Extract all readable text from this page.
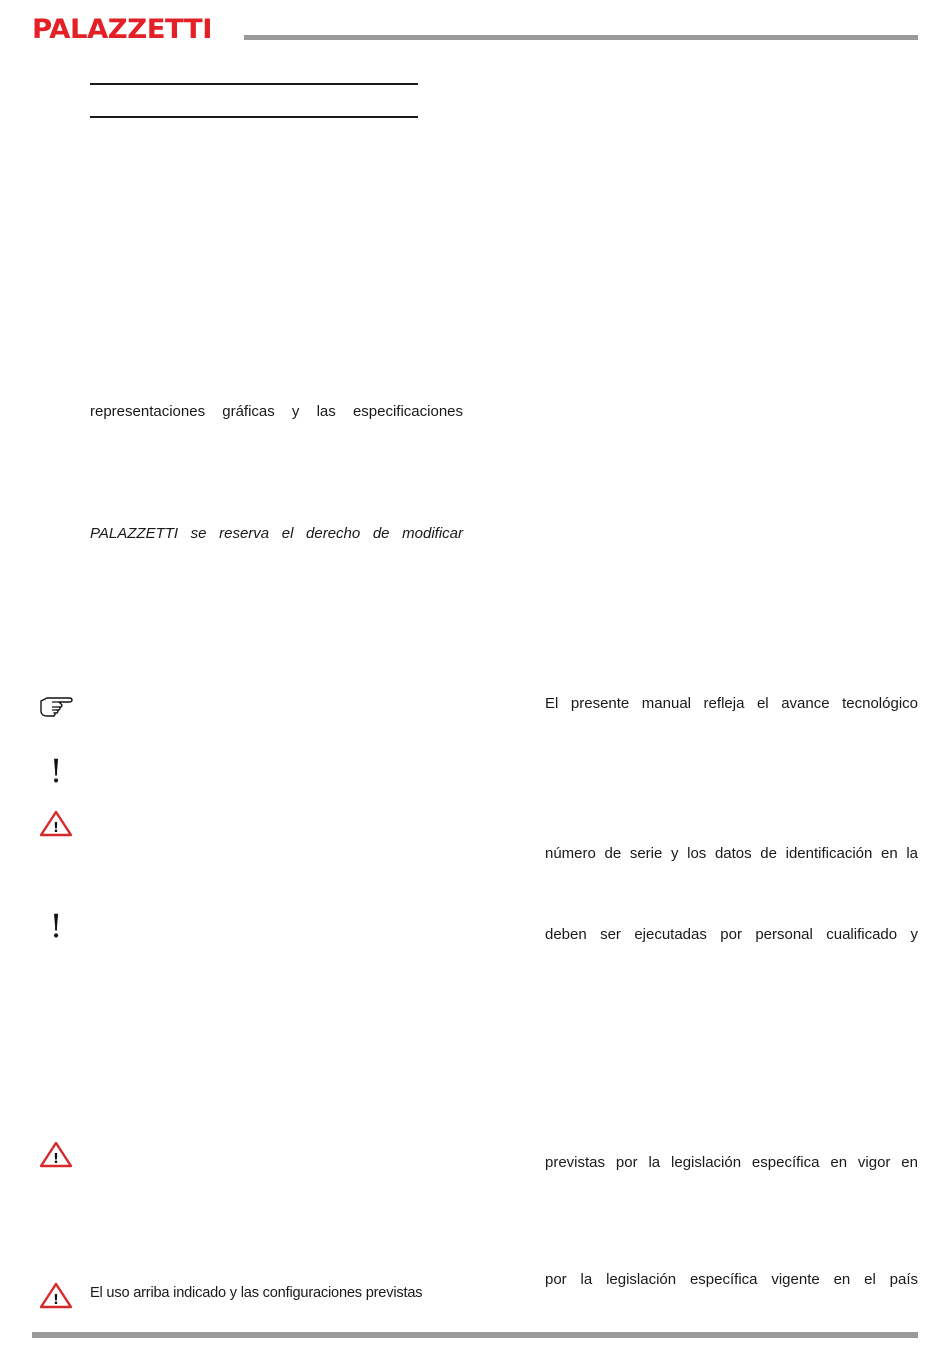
PALAZZETTI
representaciones gráficas y las especificaciones
PALAZZETTI se reserva el derecho de modificar
El uso arriba indicado y las configuraciones previstas
El presente manual refleja el avance tecnológico
número de serie y los datos de identificación en la
deben ser ejecutadas por personal cualificado y
previstas por la legislación específica en vigor en
por la legislación específica vigente en el país
!
!
!
!
!
